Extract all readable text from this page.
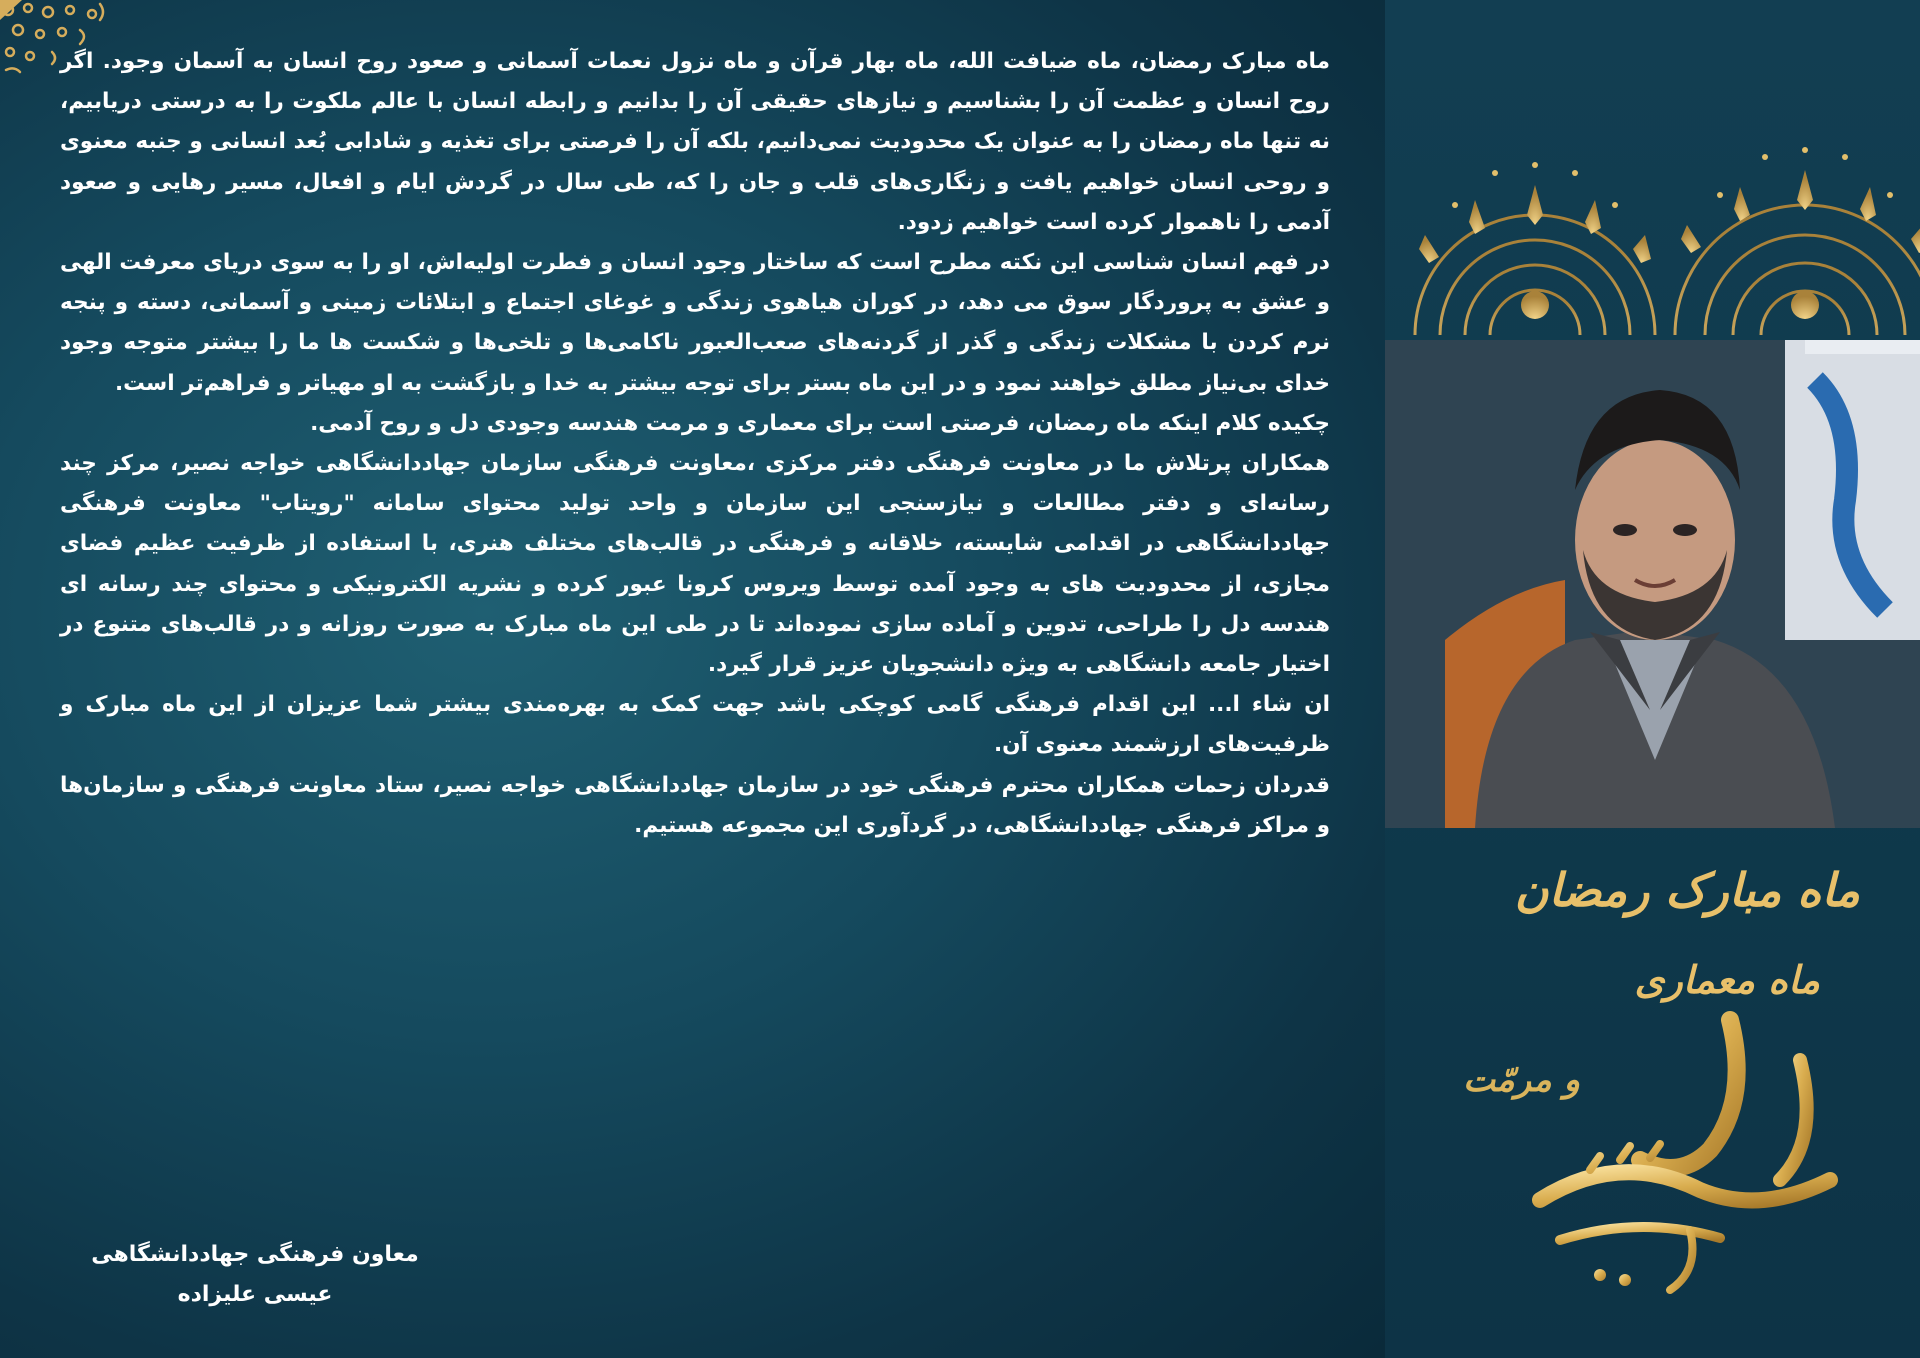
ماه مبارک رمضان، ماه ضیافت الله، ماه بهار قرآن و ماه نزول نعمات آسمانی و صعود روح انسان به آسمان وجود. اگر روح انسان و عظمت آن را بشناسیم و نیازهای حقیقی آن را بدانیم و رابطه انسان با عالم ملکوت را به درستی دریابیم، نه تنها ماه رمضان را به عنوان یک محدودیت نمی‌دانیم، بلکه آن را فرصتی برای تغذیه و شادابی بُعد انسانی و جنبه معنوی و روحی انسان خواهیم یافت و زنگاری‌های قلب و جان را که، طی سال در گردش ایام و افعال، مسیر رهایی و صعود آدمی را ناهموار کرده است خواهیم زدود.

در فهم انسان شناسی این نکته مطرح است که ساختار وجود انسان و فطرت اولیه‌اش، او را به سوی دریای معرفت الهی و عشق به پروردگار سوق می دهد، در کوران هیاهوی زندگی و غوغای اجتماع و ابتلائات زمینی و آسمانی، دسته و پنجه نرم کردن با مشکلات زندگی و گذر از گردنه‌های صعب‌العبور ناکامی‌ها و تلخی‌ها و شکست ها ما را بیشتر متوجه وجود خدای بی‌نیاز مطلق خواهند نمود و در این ماه بستر برای توجه بیشتر به خدا و بازگشت به او مهیاتر و فراهم‌تر است.

چکیده کلام اینکه ماه رمضان، فرصتی است برای معماری و مرمت هندسه وجودی دل و روح آدمی.

همکاران پرتلاش ما در معاونت فرهنگی دفتر مرکزی ،معاونت فرهنگی سازمان جهاددانشگاهی خواجه نصیر، مرکز چند رسانه‌ای و دفتر مطالعات و نیازسنجی این سازمان و واحد تولید محتوای سامانه "رویتاب" معاونت فرهنگی جهاددانشگاهی در اقدامی شایسته، خلاقانه و فرهنگی در قالب‌های مختلف هنری، با استفاده از ظرفیت عظیم فضای مجازی، از محدودیت های به وجود آمده توسط ویروس کرونا عبور کرده و نشریه الکترونیکی و محتوای چند رسانه ای هندسه دل را طراحی، تدوین و آماده سازی نموده‌اند تا در طی این ماه مبارک به صورت روزانه و در قالب‌های متنوع در اختیار جامعه دانشگاهی به ویژه دانشجویان عزیز قرار گیرد.

ان شاء ا... این اقدام فرهنگی گامی کوچکی باشد جهت کمک به بهره‌مندی بیشتر شما عزیزان از این ماه مبارک و ظرفیت‌های ارزشمند معنوی آن.

قدردان زحمات همکاران محترم فرهنگی خود در سازمان جهاددانشگاهی خواجه نصیر، ستاد معاونت فرهنگی و سازمان‌ها و مراکز فرهنگی جهاددانشگاهی، در گردآوری این مجموعه هستیم.

معاون فرهنگی جهاددانشگاهی
عیسی علیزاده
ماه مبارک رمضان
ماه معماری
و مرمّت
